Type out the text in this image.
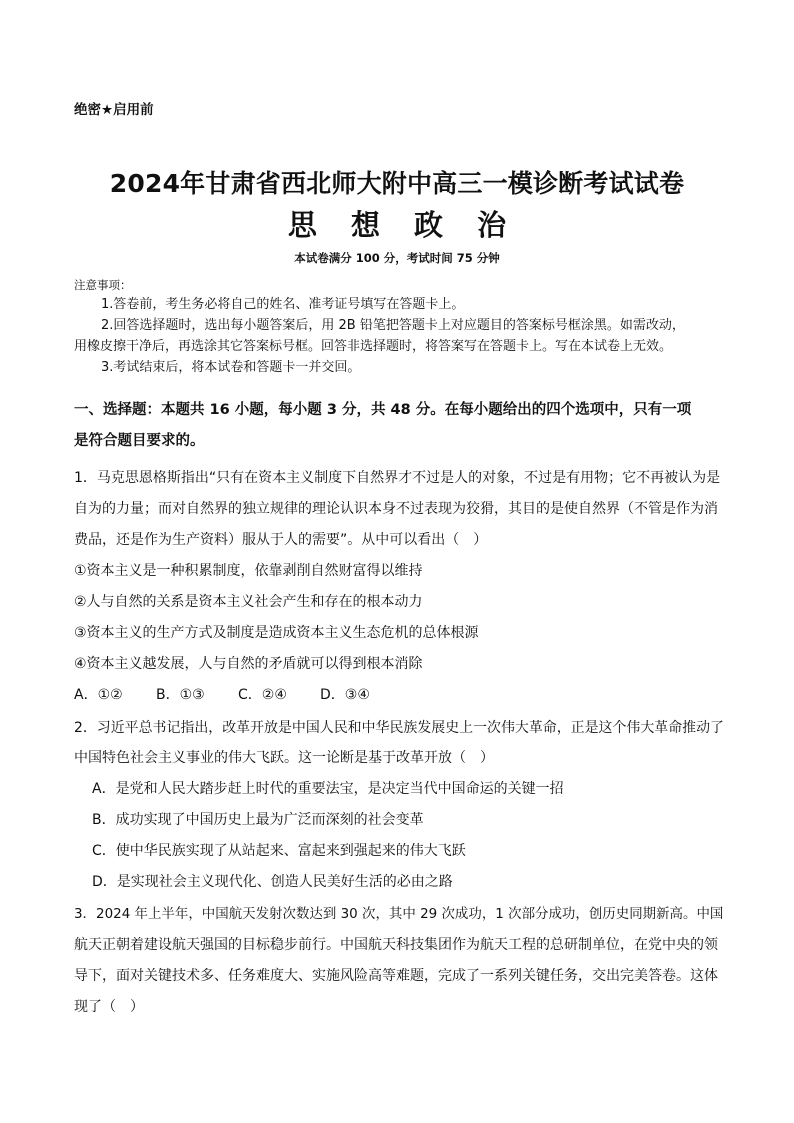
绝密★启用前
2024年甘肃省西北师大附中高三一模诊断考试试卷
思 想 政 治
本试卷满分 100 分，考试时间 75 分钟
注意事项：
1.答卷前，考生务必将自己的姓名、准考证号填写在答题卡上。
2.回答选择题时，选出每小题答案后，用 2B 铅笔把答题卡上对应题目的答案标号框涂黑。如需改动，
用橡皮擦干净后，再选涂其它答案标号框。回答非选择题时，将答案写在答题卡上。写在本试卷上无效。
3.考试结束后，将本试卷和答题卡一并交回。
一、选择题：本题共 16 小题，每小题 3 分，共 48 分。在每小题给出的四个选项中，只有一项
是符合题目要求的。
1．马克思恩格斯指出“只有在资本主义制度下自然界才不过是人的对象，不过是有用物；它不再被认为是
自为的力量；而对自然界的独立规律的理论认识本身不过表现为狡猾，其目的是使自然界（不管是作为消
费品，还是作为生产资料）服从于人的需要”。从中可以看出（　）
①资本主义是一种积累制度，依靠剥削自然财富得以维持
②人与自然的关系是资本主义社会产生和存在的根本动力
③资本主义的生产方式及制度是造成资本主义生态危机的总体根源
④资本主义越发展，人与自然的矛盾就可以得到根本消除
A．①② B．①③ C．②④ D．③④
2．习近平总书记指出，改革开放是中国人民和中华民族发展史上一次伟大革命，正是这个伟大革命推动了
中国特色社会主义事业的伟大飞跃。这一论断是基于改革开放（　）
A．是党和人民大踏步赶上时代的重要法宝，是决定当代中国命运的关键一招
B．成功实现了中国历史上最为广泛而深刻的社会变革
C．使中华民族实现了从站起来、富起来到强起来的伟大飞跃
D．是实现社会主义现代化、创造人民美好生活的必由之路
3．2024 年上半年，中国航天发射次数达到 30 次，其中 29 次成功，1 次部分成功，创历史同期新高。中国
航天正朝着建设航天强国的目标稳步前行。中国航天科技集团作为航天工程的总研制单位，在党中央的领
导下，面对关键技术多、任务难度大、实施风险高等难题，完成了一系列关键任务，交出完美答卷。这体
现了（　）
